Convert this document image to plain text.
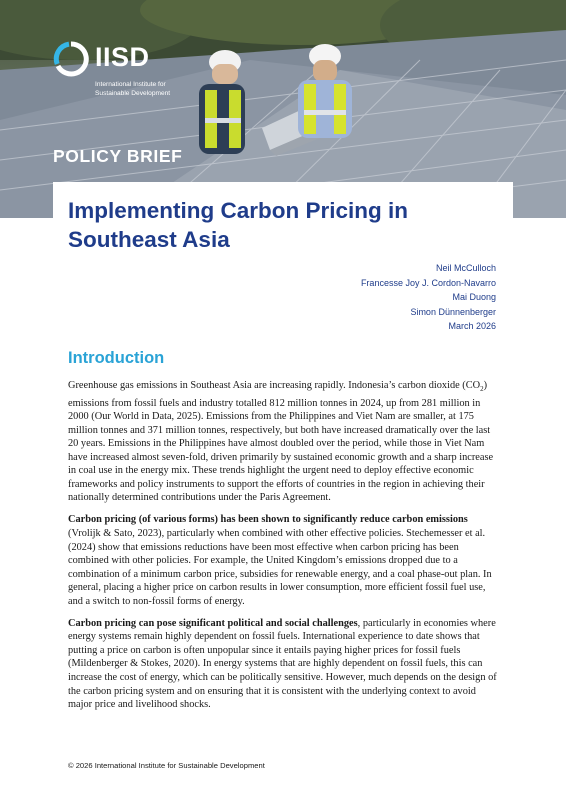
IISD
International Institute for
Sustainable Development
POLICY BRIEF
Implementing Carbon Pricing in Southeast Asia
Neil McCulloch
Francesse Joy J. Cordon-Navarro
Mai Duong
Simon Dünnenberger
March 2026
Introduction

Greenhouse gas emissions in Southeast Asia are increasing rapidly. Indonesia’s carbon dioxide $(CO_2)$ emissions from fossil fuels and industry totalled 812 million tonnes in 2024, up from 281 million in 2000 (Our World in Data, 2025). Emissions from the Philippines and Viet Nam are smaller, at 175 million tonnes and 371 million tonnes, respectively, but both have increased dramatically over the last 20 years. Emissions in the Philippines have almost doubled over the period, while those in Viet Nam have increased almost seven-fold, driven primarily by sustained economic growth and a sharp increase in coal use in the energy mix. These trends highlight the urgent need to deploy effective economic frameworks and policy instruments to support the efforts of countries in the region in achieving their nationally determined contributions under the Paris Agreement.

Carbon pricing (of various forms) has been shown to significantly reduce carbon emissions (Vrolijk & Sato, 2023), particularly when combined with other effective policies. Stechemesser et al. (2024) show that emissions reductions have been most effective when carbon pricing has been combined with other policies. For example, the United Kingdom’s emissions dropped due to a combination of a minimum carbon price, subsidies for renewable energy, and a coal phase-out plan. In general, placing a higher price on carbon results in lower consumption, more efficient fossil fuel use, and a switch to non-fossil forms of energy.

Carbon pricing can pose significant political and social challenges, particularly in economies where energy systems remain highly dependent on fossil fuels. International experience to date shows that putting a price on carbon is often unpopular since it entails paying higher prices for fossil fuels (Mildenberger & Stokes, 2020). In energy systems that are highly dependent on fossil fuels, this can increase the cost of energy, which can be politically sensitive. However, much depends on the design of the carbon pricing system and on ensuring that it is consistent with the underlying context to avoid major price and livelihood shocks.

© 2026 International Institute for Sustainable Development
